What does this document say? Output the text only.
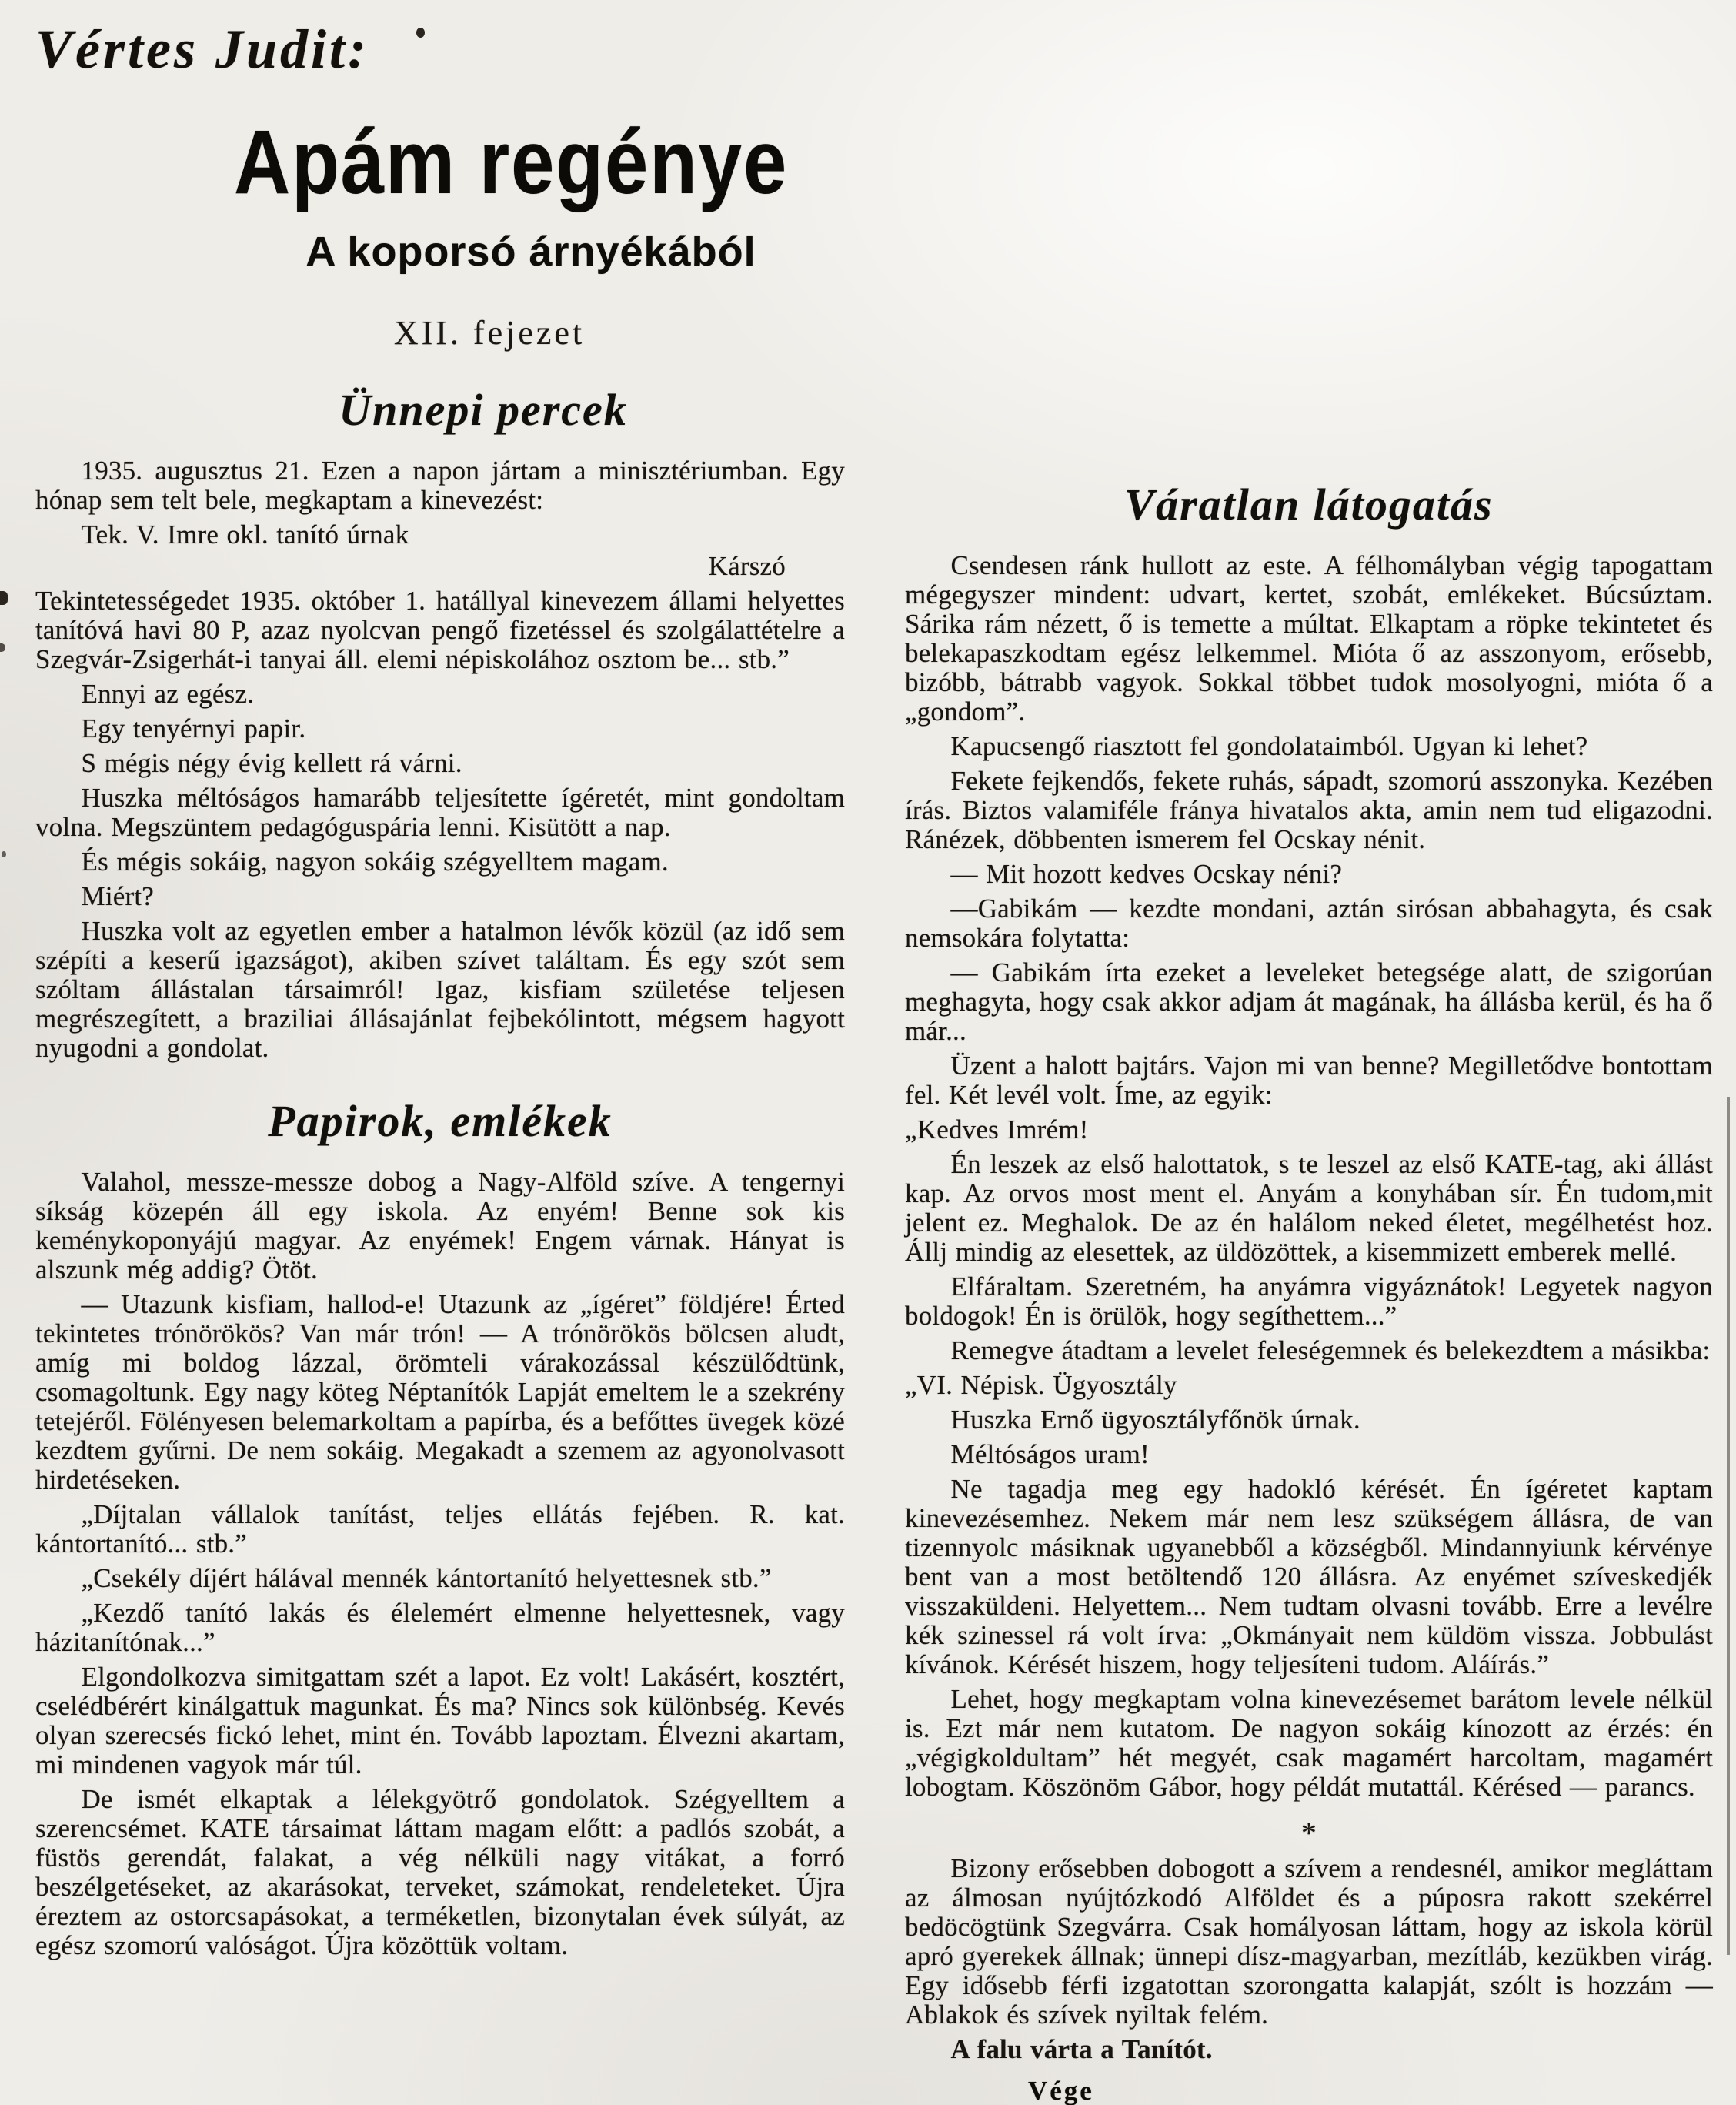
Vértes Judit:
Apám regénye
A koporsó árnyékából
XII. fejezet
Ünnepi percek

1935. augusztus 21. Ezen a napon jártam a minisztériumban. Egy hónap sem telt bele, megkaptam a kinevezést:

Tek. V. Imre okl. tanító úrnak

Kárszó

Tekintetességedet 1935. október 1. hatállyal kinevezem állami helyettes tanítóvá havi 80 P, azaz nyolcvan pengő fizetéssel és szolgálattételre a Szegvár-Zsigerhát-i tanyai áll. elemi népiskolához osztom be... stb.”

Ennyi az egész.

Egy tenyérnyi papir.

S mégis négy évig kellett rá várni.

Huszka méltóságos hamarább teljesítette ígéretét, mint gondoltam volna. Megszüntem pedagóguspária lenni. Kisütött a nap.

És mégis sokáig, nagyon sokáig szégyelltem magam.

Miért?

Huszka volt az egyetlen ember a hatalmon lévők közül (az idő sem szépíti a keserű igazságot), akiben szívet találtam. És egy szót sem szóltam állástalan társaimról! Igaz, kisfiam születése teljesen megrészegített, a braziliai állásajánlat fejbekólintott, mégsem hagyott nyugodni a gondolat.

Papirok, emlékek

Valahol, messze-messze dobog a Nagy-Alföld szíve. A tengernyi síkság közepén áll egy iskola. Az enyém! Benne sok kis keménykoponyájú magyar. Az enyémek! Engem várnak. Hányat is alszunk még addig? Ötöt.

— Utazunk kisfiam, hallod-e! Utazunk az „ígéret” földjére! Érted tekintetes trónörökös? Van már trón! — A trónörökös bölcsen aludt, amíg mi boldog lázzal, örömteli várakozással készülődtünk, csomagoltunk. Egy nagy köteg Néptanítók Lapját emeltem le a szekrény tetejéről. Fölényesen belemarkoltam a papírba, és a befőttes üvegek közé kezdtem gyűrni. De nem sokáig. Megakadt a szemem az agyonolvasott hirdetéseken.

„Díjtalan vállalok tanítást, teljes ellátás fejében. R. kat. kántortanító... stb.”

„Csekély díjért hálával mennék kántortanító helyettesnek stb.”

„Kezdő tanító lakás és élelemért elmenne helyettesnek, vagy házitanítónak...”

Elgondolkozva simitgattam szét a lapot. Ez volt! Lakásért, kosztért, cselédbérért kinálgattuk magunkat. És ma? Nincs sok különbség. Kevés olyan szerecsés fickó lehet, mint én. Tovább lapoztam. Élvezni akartam, mi mindenen vagyok már túl.

De ismét elkaptak a lélekgyötrő gondolatok. Szégyelltem a szerencsémet. KATE társaimat láttam magam előtt: a padlós szobát, a füstös gerendát, falakat, a vég nélküli nagy vitákat, a forró beszélgetéseket, az akarásokat, terveket, számokat, rendeleteket. Újra éreztem az ostorcsapásokat, a terméketlen, bizonytalan évek súlyát, az egész szomorú valóságot. Újra közöttük voltam.

Váratlan látogatás

Csendesen ránk hullott az este. A félhomályban végig tapogattam mégegyszer mindent: udvart, kertet, szobát, emlékeket. Búcsúztam. Sárika rám nézett, ő is temette a múltat. Elkaptam a röpke tekintetet és belekapaszkodtam egész lelkemmel. Mióta ő az asszonyom, erősebb, bizóbb, bátrabb vagyok. Sokkal többet tudok mosolyogni, mióta ő a „gondom”.

Kapucsengő riasztott fel gondolataimból. Ugyan ki lehet?

Fekete fejkendős, fekete ruhás, sápadt, szomorú asszonyka. Kezében írás. Biztos valamiféle fránya hivatalos akta, amin nem tud eligazodni. Ránézek, döbbenten ismerem fel Ocskay nénit.

— Mit hozott kedves Ocskay néni?

—Gabikám — kezdte mondani, aztán sirósan abbahagyta, és csak nemsokára folytatta:

— Gabikám írta ezeket a leveleket betegsége alatt, de szigorúan meghagyta, hogy csak akkor adjam át magának, ha állásba kerül, és ha ő már...

Üzent a halott bajtárs. Vajon mi van benne? Megilletődve bontottam fel. Két levél volt. Íme, az egyik:

„Kedves Imrém!

Én leszek az első halottatok, s te leszel az első KATE-tag, aki állást kap. Az orvos most ment el. Anyám a konyhában sír. Én tudom,mit jelent ez. Meghalok. De az én halálom neked életet, megélhetést hoz. Állj mindig az elesettek, az üldözöttek, a kisemmizett emberek mellé.

Elfáraltam. Szeretném, ha anyámra vigyáznátok! Legyetek nagyon boldogok! Én is örülök, hogy segíthettem...”

Remegve átadtam a levelet feleségemnek és belekezdtem a másikba:

„VI. Népisk. Ügyosztály

Huszka Ernő ügyosztályfőnök úrnak.

Méltóságos uram!

Ne tagadja meg egy hadokló kérését. Én ígéretet kaptam kinevezésemhez. Nekem már nem lesz szükségem állásra, de van tizennyolc másiknak ugyanebből a községből. Mindannyiunk kérvénye bent van a most betöltendő 120 állásra. Az enyémet szíveskedjék visszaküldeni. Helyettem... Nem tudtam olvasni tovább. Erre a levélre kék szinessel rá volt írva: „Okmányait nem küldöm vissza. Jobbulást kívánok. Kérését hiszem, hogy teljesíteni tudom. Aláírás.”

Lehet, hogy megkaptam volna kinevezésemet barátom levele nélkül is. Ezt már nem kutatom. De nagyon sokáig kínozott az érzés: én „végigkoldultam” hét megyét, csak magamért harcoltam, magamért lobogtam. Köszönöm Gábor, hogy példát mutattál. Kérésed — parancs.

*

Bizony erősebben dobogott a szívem a rendesnél, amikor megláttam az álmosan nyújtózkodó Alföldet és a púposra rakott szekérrel bedöcögtünk Szegvárra. Csak homályosan láttam, hogy az iskola körül apró gyerekek állnak; ünnepi dísz-magyarban, mezítláb, kezükben virág. Egy idősebb férfi izgatottan szorongatta kalapját, szólt is hozzám — Ablakok és szívek nyiltak felém.

A falu várta a Tanítót.

Vége
